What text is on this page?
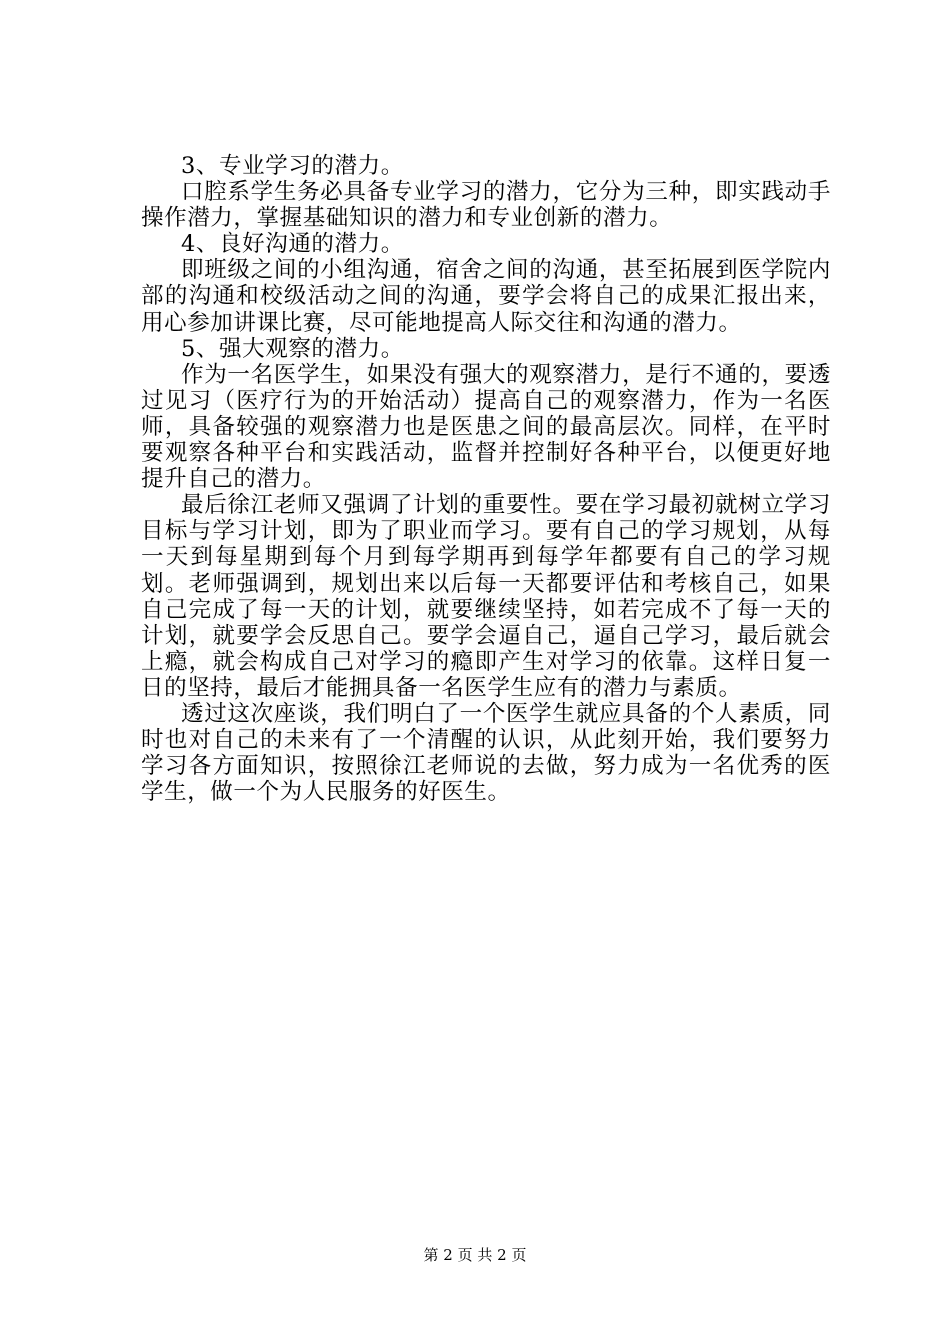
3、专业学习的潜力。

口腔系学生务必具备专业学习的潜力，它分为三种，即实践动手操作潜力，掌握基础知识的潜力和专业创新的潜力。

4、良好沟通的潜力。

即班级之间的小组沟通，宿舍之间的沟通，甚至拓展到医学院内部的沟通和校级活动之间的沟通，要学会将自己的成果汇报出来，用心参加讲课比赛，尽可能地提高人际交往和沟通的潜力。

5、强大观察的潜力。

作为一名医学生，如果没有强大的观察潜力，是行不通的，要透过见习（医疗行为的开始活动）提高自己的观察潜力，作为一名医师，具备较强的观察潜力也是医患之间的最高层次。同样，在平时要观察各种平台和实践活动，监督并控制好各种平台，以便更好地提升自己的潜力。

最后徐江老师又强调了计划的重要性。要在学习最初就树立学习目标与学习计划，即为了职业而学习。要有自己的学习规划，从每一天到每星期到每个月到每学期再到每学年都要有自己的学习规划。老师强调到，规划出来以后每一天都要评估和考核自己，如果自己完成了每一天的计划，就要继续坚持，如若完成不了每一天的计划，就要学会反思自己。要学会逼自己，逼自己学习，最后就会上瘾，就会构成自己对学习的瘾即产生对学习的依靠。这样日复一日的坚持，最后才能拥具备一名医学生应有的潜力与素质。

透过这次座谈，我们明白了一个医学生就应具备的个人素质，同时也对自己的未来有了一个清醒的认识，从此刻开始，我们要努力学习各方面知识，按照徐江老师说的去做，努力成为一名优秀的医学生，做一个为人民服务的好医生。

第 2 页 共 2 页
